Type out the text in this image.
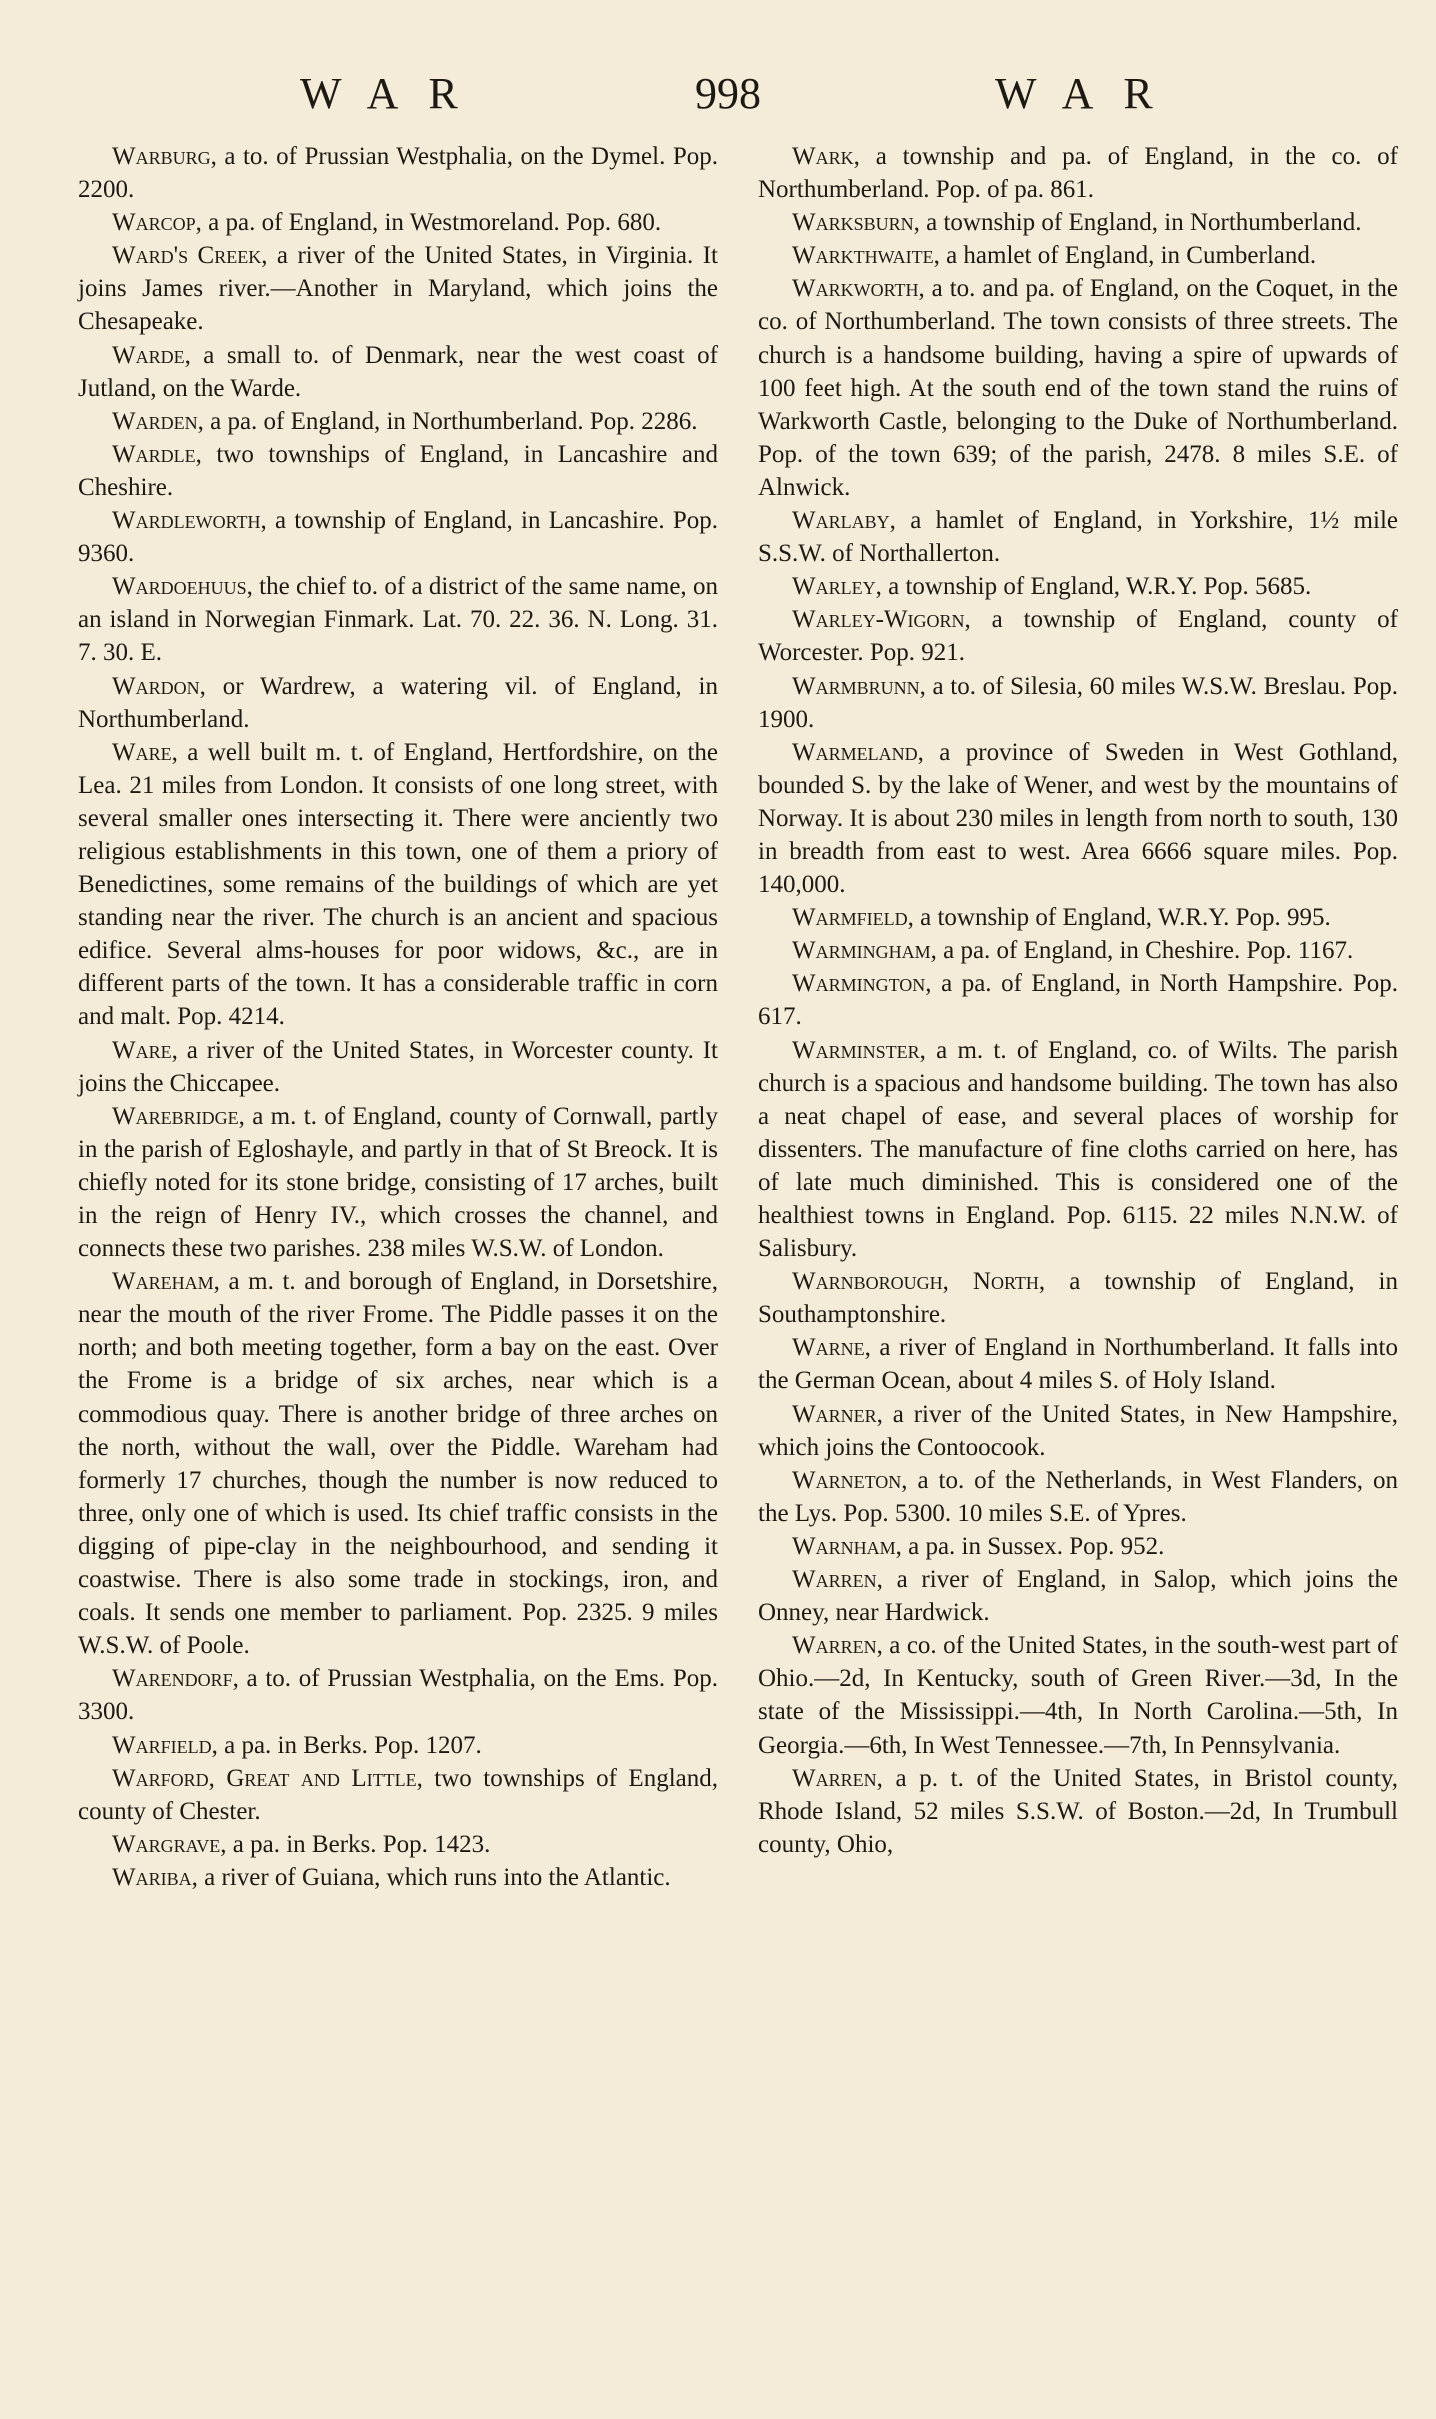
WAR	998	WAR

Warburg, a to. of Prussian Westphalia, on the Dymel. Pop. 2200.

Warcop, a pa. of England, in Westmoreland. Pop. 680.

Ward's Creek, a river of the United States, in Virginia. It joins James river.—Another in Maryland, which joins the Chesapeake.

Warde, a small to. of Denmark, near the west coast of Jutland, on the Warde.

Warden, a pa. of England, in Northumberland. Pop. 2286.

Wardle, two townships of England, in Lancashire and Cheshire.

Wardleworth, a township of England, in Lancashire. Pop. 9360.

Wardoehuus, the chief to. of a district of the same name, on an island in Norwegian Finmark. Lat. 70. 22. 36. N. Long. 31. 7. 30. E.

Wardon, or Wardrew, a watering vil. of England, in Northumberland.

Ware, a well built m. t. of England, Hertfordshire, on the Lea. 21 miles from London. It consists of one long street, with several smaller ones intersecting it. There were anciently two religious establishments in this town, one of them a priory of Benedictines, some remains of the buildings of which are yet standing near the river. The church is an ancient and spacious edifice. Several alms-houses for poor widows, &c., are in different parts of the town. It has a considerable traffic in corn and malt. Pop. 4214.

Ware, a river of the United States, in Worcester county. It joins the Chiccapee.

Warebridge, a m. t. of England, county of Cornwall, partly in the parish of Egloshayle, and partly in that of St Breock. It is chiefly noted for its stone bridge, consisting of 17 arches, built in the reign of Henry IV., which crosses the channel, and connects these two parishes. 238 miles W.S.W. of London.

Wareham, a m. t. and borough of England, in Dorsetshire, near the mouth of the river Frome. The Piddle passes it on the north; and both meeting together, form a bay on the east. Over the Frome is a bridge of six arches, near which is a commodious quay. There is another bridge of three arches on the north, without the wall, over the Piddle. Wareham had formerly 17 churches, though the number is now reduced to three, only one of which is used. Its chief traffic consists in the digging of pipe-clay in the neighbourhood, and sending it coastwise. There is also some trade in stockings, iron, and coals. It sends one member to parliament. Pop. 2325. 9 miles W.S.W. of Poole.

Warendorf, a to. of Prussian Westphalia, on the Ems. Pop. 3300.

Warfield, a pa. in Berks. Pop. 1207.

Warford, Great and Little, two townships of England, county of Chester.

Wargrave, a pa. in Berks. Pop. 1423.

Wariba, a river of Guiana, which runs into the Atlantic.

Wark, a township and pa. of England, in the co. of Northumberland. Pop. of pa. 861.

Warksburn, a township of England, in Northumberland.

Warkthwaite, a hamlet of England, in Cumberland.

Warkworth, a to. and pa. of England, on the Coquet, in the co. of Northumberland. The town consists of three streets. The church is a handsome building, having a spire of upwards of 100 feet high. At the south end of the town stand the ruins of Warkworth Castle, belonging to the Duke of Northumberland. Pop. of the town 639; of the parish, 2478. 8 miles S.E. of Alnwick.

Warlaby, a hamlet of England, in Yorkshire, 1½ mile S.S.W. of Northallerton.

Warley, a township of England, W.R.Y. Pop. 5685.

Warley-Wigorn, a township of England, county of Worcester. Pop. 921.

Warmbrunn, a to. of Silesia, 60 miles W.S.W. Breslau. Pop. 1900.

Warmeland, a province of Sweden in West Gothland, bounded S. by the lake of Wener, and west by the mountains of Norway. It is about 230 miles in length from north to south, 130 in breadth from east to west. Area 6666 square miles. Pop. 140,000.

Warmfield, a township of England, W.R.Y. Pop. 995.

Warmingham, a pa. of England, in Cheshire. Pop. 1167.

Warmington, a pa. of England, in North Hampshire. Pop. 617.

Warminster, a m. t. of England, co. of Wilts. The parish church is a spacious and handsome building. The town has also a neat chapel of ease, and several places of worship for dissenters. The manufacture of fine cloths carried on here, has of late much diminished. This is considered one of the healthiest towns in England. Pop. 6115. 22 miles N.N.W. of Salisbury.

Warnborough, North, a township of England, in Southamptonshire.

Warne, a river of England in Northumberland. It falls into the German Ocean, about 4 miles S. of Holy Island.

Warner, a river of the United States, in New Hampshire, which joins the Contoocook.

Warneton, a to. of the Netherlands, in West Flanders, on the Lys. Pop. 5300. 10 miles S.E. of Ypres.

Warnham, a pa. in Sussex. Pop. 952.

Warren, a river of England, in Salop, which joins the Onney, near Hardwick.

Warren, a co. of the United States, in the south-west part of Ohio.—2d, In Kentucky, south of Green River.—3d, In the state of the Mississippi.—4th, In North Carolina.—5th, In Georgia.—6th, In West Tennessee.—7th, In Pennsylvania.

Warren, a p. t. of the United States, in Bristol county, Rhode Island, 52 miles S.S.W. of Boston.—2d, In Trumbull county, Ohio,
